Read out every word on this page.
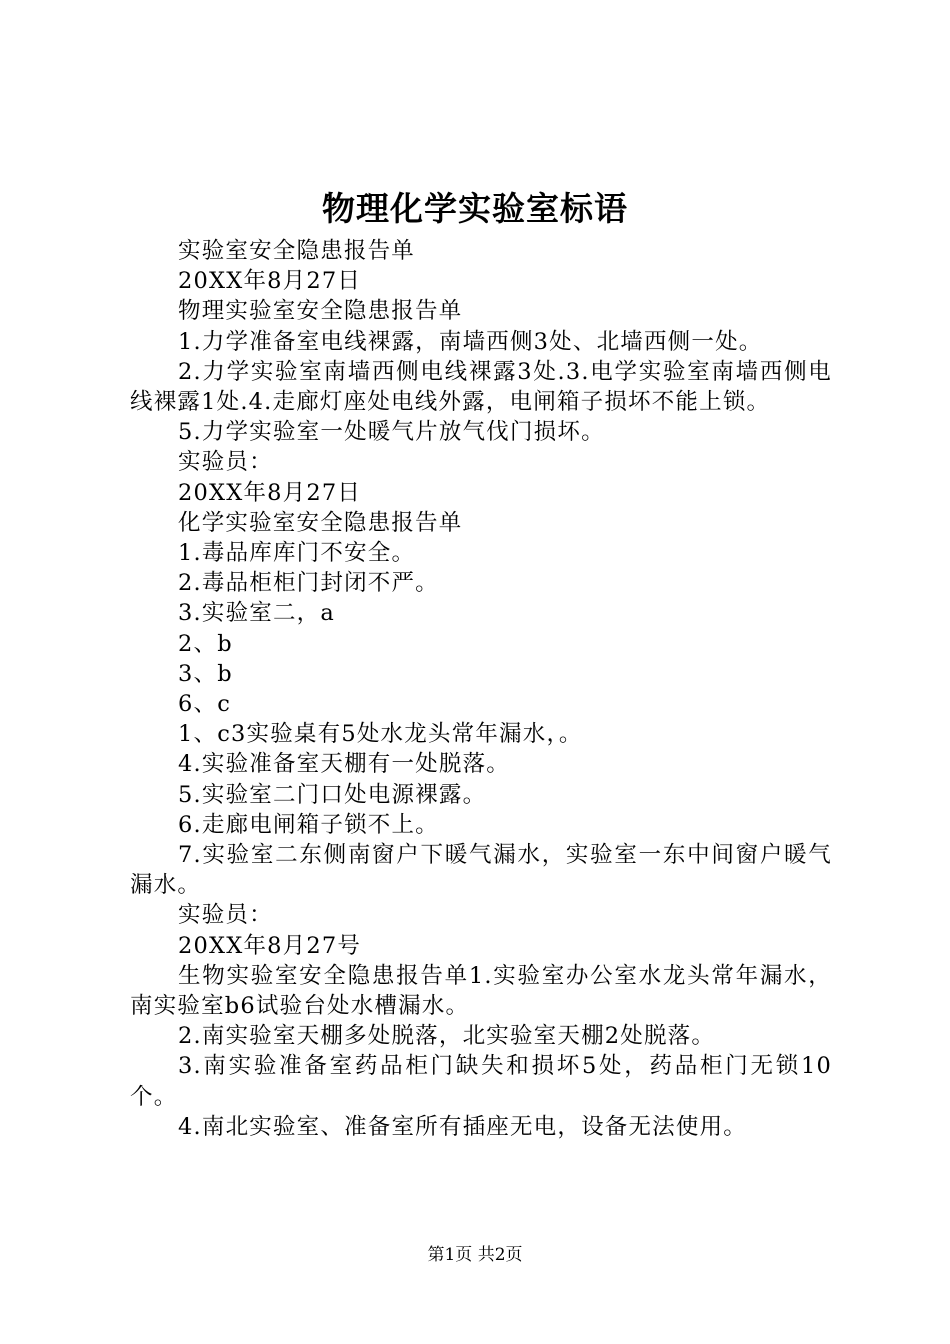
物理化学实验室标语

实验室安全隐患报告单

20XX年8月27日

物理实验室安全隐患报告单

1.力学准备室电线裸露，南墙西侧3处、北墙西侧一处。

2.力学实验室南墙西侧电线裸露3处.3.电学实验室南墙西侧电线裸露1处.4.走廊灯座处电线外露，电闸箱子损坏不能上锁。

5.力学实验室一处暖气片放气伐门损坏。

实验员：

20XX年8月27日

化学实验室安全隐患报告单

1.毒品库库门不安全。

2.毒品柜柜门封闭不严。

3.实验室二，a

2、b

3、b

6、c

1、c3实验桌有5处水龙头常年漏水，。

4.实验准备室天棚有一处脱落。

5.实验室二门口处电源裸露。

6.走廊电闸箱子锁不上。

7.实验室二东侧南窗户下暖气漏水，实验室一东中间窗户暖气漏水。

实验员：

20XX年8月27号

生物实验室安全隐患报告单1.实验室办公室水龙头常年漏水，南实验室b6试验台处水槽漏水。

2.南实验室天棚多处脱落，北实验室天棚2处脱落。

3.南实验准备室药品柜门缺失和损坏5处，药品柜门无锁10个。

4.南北实验室、准备室所有插座无电，设备无法使用。

第1页 共2页
